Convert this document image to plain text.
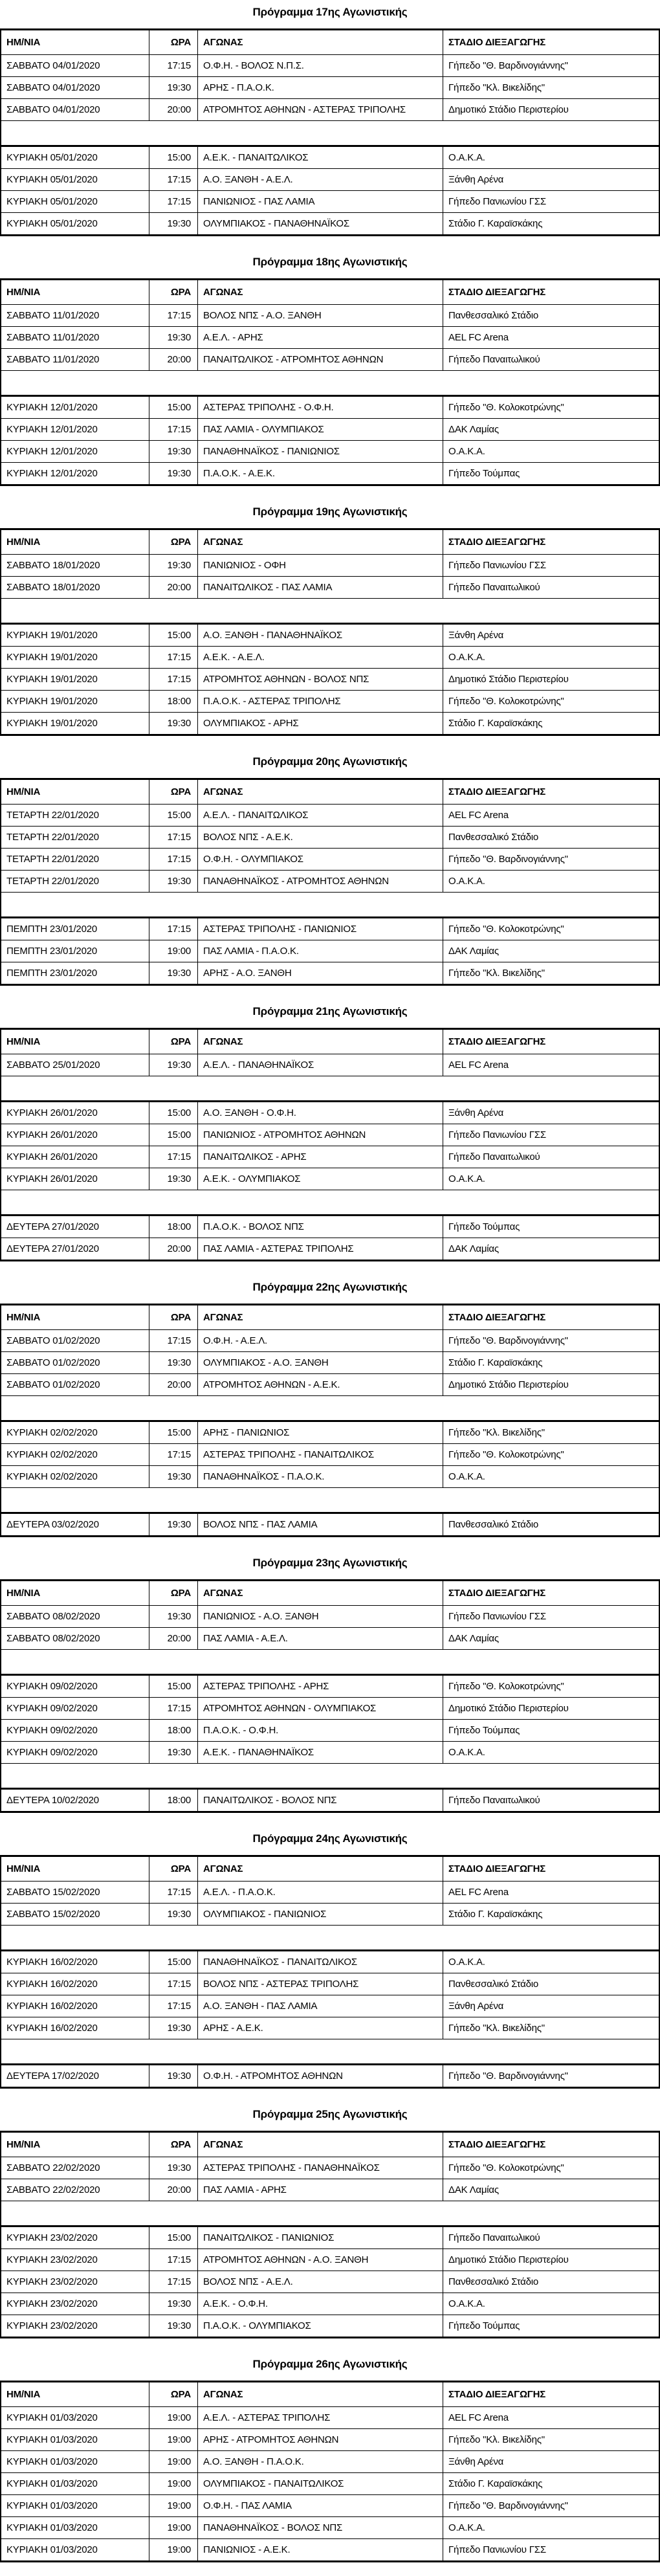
Πρόγραμμα 17ης Αγωνιστικής
ΗΜ/ΝΙΑ	ΩΡΑ	ΑΓΩΝΑΣ	ΣΤΑΔΙΟ ΔΙΕΞΑΓΩΓΗΣ
ΣΑΒΒΑΤΟ 04/01/2020	17:15	Ο.Φ.Η. - ΒΟΛΟΣ Ν.Π.Σ.	Γήπεδο "Θ. Βαρδινογιάννης"
ΣΑΒΒΑΤΟ 04/01/2020	19:30	ΑΡΗΣ - Π.Α.Ο.Κ.	Γήπεδο "Κλ. Βικελίδης"
ΣΑΒΒΑΤΟ 04/01/2020	20:00	ΑΤΡΟΜΗΤΟΣ ΑΘΗΝΩΝ - ΑΣΤΕΡΑΣ ΤΡΙΠΟΛΗΣ	Δημοτικό Στάδιο Περιστερίου
ΚΥΡΙΑΚΗ 05/01/2020	15:00	Α.Ε.Κ. - ΠΑΝΑΙΤΩΛΙΚΟΣ	Ο.Α.Κ.Α.
ΚΥΡΙΑΚΗ 05/01/2020	17:15	Α.Ο. ΞΑΝΘΗ - Α.Ε.Λ.	Ξάνθη Αρένα
ΚΥΡΙΑΚΗ 05/01/2020	17:15	ΠΑΝΙΩΝΙΟΣ - ΠΑΣ ΛΑΜΙΑ	Γήπεδο Πανιωνίου ΓΣΣ
ΚΥΡΙΑΚΗ 05/01/2020	19:30	ΟΛΥΜΠΙΑΚΟΣ - ΠΑΝΑΘΗΝΑΪΚΟΣ	Στάδιο Γ. Καραϊσκάκης
Πρόγραμμα 18ης Αγωνιστικής
ΗΜ/ΝΙΑ	ΩΡΑ	ΑΓΩΝΑΣ	ΣΤΑΔΙΟ ΔΙΕΞΑΓΩΓΗΣ
ΣΑΒΒΑΤΟ 11/01/2020	17:15	ΒΟΛΟΣ ΝΠΣ - Α.Ο. ΞΑΝΘΗ	Πανθεσσαλικό Στάδιο
ΣΑΒΒΑΤΟ 11/01/2020	19:30	Α.Ε.Λ. - ΑΡΗΣ	AEL FC Arena
ΣΑΒΒΑΤΟ 11/01/2020	20:00	ΠΑΝΑΙΤΩΛΙΚΟΣ - ΑΤΡΟΜΗΤΟΣ ΑΘΗΝΩΝ	Γήπεδο Παναιτωλικού
ΚΥΡΙΑΚΗ 12/01/2020	15:00	ΑΣΤΕΡΑΣ ΤΡΙΠΟΛΗΣ - Ο.Φ.Η.	Γήπεδο "Θ. Κολοκοτρώνης"
ΚΥΡΙΑΚΗ 12/01/2020	17:15	ΠΑΣ ΛΑΜΙΑ - ΟΛΥΜΠΙΑΚΟΣ	ΔΑΚ Λαμίας
ΚΥΡΙΑΚΗ 12/01/2020	19:30	ΠΑΝΑΘΗΝΑΪΚΟΣ - ΠΑΝΙΩΝΙΟΣ	Ο.Α.Κ.Α.
ΚΥΡΙΑΚΗ 12/01/2020	19:30	Π.Α.Ο.Κ. - Α.Ε.Κ.	Γήπεδο Τούμπας
Πρόγραμμα 19ης Αγωνιστικής
ΗΜ/ΝΙΑ	ΩΡΑ	ΑΓΩΝΑΣ	ΣΤΑΔΙΟ ΔΙΕΞΑΓΩΓΗΣ
ΣΑΒΒΑΤΟ 18/01/2020	19:30	ΠΑΝΙΩΝΙΟΣ - ΟΦΗ	Γήπεδο Πανιωνίου ΓΣΣ
ΣΑΒΒΑΤΟ 18/01/2020	20:00	ΠΑΝΑΙΤΩΛΙΚΟΣ - ΠΑΣ ΛΑΜΙΑ	Γήπεδο Παναιτωλικού
ΚΥΡΙΑΚΗ 19/01/2020	15:00	Α.Ο. ΞΑΝΘΗ - ΠΑΝΑΘΗΝΑΪΚΟΣ	Ξάνθη Αρένα
ΚΥΡΙΑΚΗ 19/01/2020	17:15	Α.Ε.Κ. - Α.Ε.Λ.	Ο.Α.Κ.Α.
ΚΥΡΙΑΚΗ 19/01/2020	17:15	ΑΤΡΟΜΗΤΟΣ ΑΘΗΝΩΝ - ΒΟΛΟΣ ΝΠΣ	Δημοτικό Στάδιο Περιστερίου
ΚΥΡΙΑΚΗ 19/01/2020	18:00	Π.Α.Ο.Κ. - ΑΣΤΕΡΑΣ ΤΡΙΠΟΛΗΣ	Γήπεδο "Θ. Κολοκοτρώνης"
ΚΥΡΙΑΚΗ 19/01/2020	19:30	ΟΛΥΜΠΙΑΚΟΣ - ΑΡΗΣ	Στάδιο Γ. Καραϊσκάκης
Πρόγραμμα 20ης Αγωνιστικής
ΗΜ/ΝΙΑ	ΩΡΑ	ΑΓΩΝΑΣ	ΣΤΑΔΙΟ ΔΙΕΞΑΓΩΓΗΣ
ΤΕΤΑΡΤΗ 22/01/2020	15:00	Α.Ε.Λ. - ΠΑΝΑΙΤΩΛΙΚΟΣ	AEL FC Arena
ΤΕΤΑΡΤΗ 22/01/2020	17:15	ΒΟΛΟΣ ΝΠΣ - Α.Ε.Κ.	Πανθεσσαλικό Στάδιο
ΤΕΤΑΡΤΗ 22/01/2020	17:15	Ο.Φ.Η. - ΟΛΥΜΠΙΑΚΟΣ	Γήπεδο "Θ. Βαρδινογιάννης"
ΤΕΤΑΡΤΗ 22/01/2020	19:30	ΠΑΝΑΘΗΝΑΪΚΟΣ - ΑΤΡΟΜΗΤΟΣ ΑΘΗΝΩΝ	Ο.Α.Κ.Α.
ΠΕΜΠΤΗ 23/01/2020	17:15	ΑΣΤΕΡΑΣ ΤΡΙΠΟΛΗΣ - ΠΑΝΙΩΝΙΟΣ	Γήπεδο "Θ. Κολοκοτρώνης"
ΠΕΜΠΤΗ 23/01/2020	19:00	ΠΑΣ ΛΑΜΙΑ - Π.Α.Ο.Κ.	ΔΑΚ Λαμίας
ΠΕΜΠΤΗ 23/01/2020	19:30	ΑΡΗΣ - Α.Ο. ΞΑΝΘΗ	Γήπεδο "Κλ. Βικελίδης"
Πρόγραμμα 21ης Αγωνιστικής
ΗΜ/ΝΙΑ	ΩΡΑ	ΑΓΩΝΑΣ	ΣΤΑΔΙΟ ΔΙΕΞΑΓΩΓΗΣ
ΣΑΒΒΑΤΟ 25/01/2020	19:30	Α.Ε.Λ. - ΠΑΝΑΘΗΝΑΪΚΟΣ	AEL FC Arena
ΚΥΡΙΑΚΗ 26/01/2020	15:00	Α.Ο. ΞΑΝΘΗ - Ο.Φ.Η.	Ξάνθη Αρένα
ΚΥΡΙΑΚΗ 26/01/2020	15:00	ΠΑΝΙΩΝΙΟΣ - ΑΤΡΟΜΗΤΟΣ ΑΘΗΝΩΝ	Γήπεδο Πανιωνίου ΓΣΣ
ΚΥΡΙΑΚΗ 26/01/2020	17:15	ΠΑΝΑΙΤΩΛΙΚΟΣ - ΑΡΗΣ	Γήπεδο Παναιτωλικού
ΚΥΡΙΑΚΗ 26/01/2020	19:30	Α.Ε.Κ. - ΟΛΥΜΠΙΑΚΟΣ	Ο.Α.Κ.Α.
ΔΕΥΤΕΡΑ 27/01/2020	18:00	Π.Α.Ο.Κ. - ΒΟΛΟΣ ΝΠΣ	Γήπεδο Τούμπας
ΔΕΥΤΕΡΑ 27/01/2020	20:00	ΠΑΣ ΛΑΜΙΑ - ΑΣΤΕΡΑΣ ΤΡΙΠΟΛΗΣ	ΔΑΚ Λαμίας
Πρόγραμμα 22ης Αγωνιστικής
ΗΜ/ΝΙΑ	ΩΡΑ	ΑΓΩΝΑΣ	ΣΤΑΔΙΟ ΔΙΕΞΑΓΩΓΗΣ
ΣΑΒΒΑΤΟ 01/02/2020	17:15	Ο.Φ.Η. - Α.Ε.Λ.	Γήπεδο "Θ. Βαρδινογιάννης"
ΣΑΒΒΑΤΟ 01/02/2020	19:30	ΟΛΥΜΠΙΑΚΟΣ - Α.Ο. ΞΑΝΘΗ	Στάδιο Γ. Καραϊσκάκης
ΣΑΒΒΑΤΟ 01/02/2020	20:00	ΑΤΡΟΜΗΤΟΣ ΑΘΗΝΩΝ - Α.Ε.Κ.	Δημοτικό Στάδιο Περιστερίου
ΚΥΡΙΑΚΗ 02/02/2020	15:00	ΑΡΗΣ - ΠΑΝΙΩΝΙΟΣ	Γήπεδο "Κλ. Βικελίδης"
ΚΥΡΙΑΚΗ 02/02/2020	17:15	ΑΣΤΕΡΑΣ ΤΡΙΠΟΛΗΣ - ΠΑΝΑΙΤΩΛΙΚΟΣ	Γήπεδο "Θ. Κολοκοτρώνης"
ΚΥΡΙΑΚΗ 02/02/2020	19:30	ΠΑΝΑΘΗΝΑΪΚΟΣ - Π.Α.Ο.Κ.	Ο.Α.Κ.Α.
ΔΕΥΤΕΡΑ 03/02/2020	19:30	ΒΟΛΟΣ ΝΠΣ - ΠΑΣ ΛΑΜΙΑ	Πανθεσσαλικό Στάδιο
Πρόγραμμα 23ης Αγωνιστικής
ΗΜ/ΝΙΑ	ΩΡΑ	ΑΓΩΝΑΣ	ΣΤΑΔΙΟ ΔΙΕΞΑΓΩΓΗΣ
ΣΑΒΒΑΤΟ 08/02/2020	19:30	ΠΑΝΙΩΝΙΟΣ - Α.Ο. ΞΑΝΘΗ	Γήπεδο Πανιωνίου ΓΣΣ
ΣΑΒΒΑΤΟ 08/02/2020	20:00	ΠΑΣ ΛΑΜΙΑ - Α.Ε.Λ.	ΔΑΚ Λαμίας
ΚΥΡΙΑΚΗ 09/02/2020	15:00	ΑΣΤΕΡΑΣ ΤΡΙΠΟΛΗΣ - ΑΡΗΣ	Γήπεδο "Θ. Κολοκοτρώνης"
ΚΥΡΙΑΚΗ 09/02/2020	17:15	ΑΤΡΟΜΗΤΟΣ ΑΘΗΝΩΝ - ΟΛΥΜΠΙΑΚΟΣ	Δημοτικό Στάδιο Περιστερίου
ΚΥΡΙΑΚΗ 09/02/2020	18:00	Π.Α.Ο.Κ. - Ο.Φ.Η.	Γήπεδο Τούμπας
ΚΥΡΙΑΚΗ 09/02/2020	19:30	Α.Ε.Κ. - ΠΑΝΑΘΗΝΑΪΚΟΣ	Ο.Α.Κ.Α.
ΔΕΥΤΕΡΑ 10/02/2020	18:00	ΠΑΝΑΙΤΩΛΙΚΟΣ - ΒΟΛΟΣ ΝΠΣ	Γήπεδο Παναιτωλικού
Πρόγραμμα 24ης Αγωνιστικής
ΗΜ/ΝΙΑ	ΩΡΑ	ΑΓΩΝΑΣ	ΣΤΑΔΙΟ ΔΙΕΞΑΓΩΓΗΣ
ΣΑΒΒΑΤΟ 15/02/2020	17:15	Α.Ε.Λ. - Π.Α.Ο.Κ.	AEL FC Arena
ΣΑΒΒΑΤΟ 15/02/2020	19:30	ΟΛΥΜΠΙΑΚΟΣ - ΠΑΝΙΩΝΙΟΣ	Στάδιο Γ. Καραϊσκάκης
ΚΥΡΙΑΚΗ 16/02/2020	15:00	ΠΑΝΑΘΗΝΑΪΚΟΣ - ΠΑΝΑΙΤΩΛΙΚΟΣ	Ο.Α.Κ.Α.
ΚΥΡΙΑΚΗ 16/02/2020	17:15	ΒΟΛΟΣ ΝΠΣ - ΑΣΤΕΡΑΣ ΤΡΙΠΟΛΗΣ	Πανθεσσαλικό Στάδιο
ΚΥΡΙΑΚΗ 16/02/2020	17:15	Α.Ο. ΞΑΝΘΗ - ΠΑΣ ΛΑΜΙΑ	Ξάνθη Αρένα
ΚΥΡΙΑΚΗ 16/02/2020	19:30	ΑΡΗΣ - Α.Ε.Κ.	Γήπεδο "Κλ. Βικελίδης"
ΔΕΥΤΕΡΑ 17/02/2020	19:30	Ο.Φ.Η. - ΑΤΡΟΜΗΤΟΣ ΑΘΗΝΩΝ	Γήπεδο "Θ. Βαρδινογιάννης"
Πρόγραμμα 25ης Αγωνιστικής
ΗΜ/ΝΙΑ	ΩΡΑ	ΑΓΩΝΑΣ	ΣΤΑΔΙΟ ΔΙΕΞΑΓΩΓΗΣ
ΣΑΒΒΑΤΟ 22/02/2020	19:30	ΑΣΤΕΡΑΣ ΤΡΙΠΟΛΗΣ - ΠΑΝΑΘΗΝΑΪΚΟΣ	Γήπεδο "Θ. Κολοκοτρώνης"
ΣΑΒΒΑΤΟ 22/02/2020	20:00	ΠΑΣ ΛΑΜΙΑ - ΑΡΗΣ	ΔΑΚ Λαμίας
ΚΥΡΙΑΚΗ 23/02/2020	15:00	ΠΑΝΑΙΤΩΛΙΚΟΣ - ΠΑΝΙΩΝΙΟΣ	Γήπεδο Παναιτωλικού
ΚΥΡΙΑΚΗ 23/02/2020	17:15	ΑΤΡΟΜΗΤΟΣ ΑΘΗΝΩΝ - Α.Ο. ΞΑΝΘΗ	Δημοτικό Στάδιο Περιστερίου
ΚΥΡΙΑΚΗ 23/02/2020	17:15	ΒΟΛΟΣ ΝΠΣ - Α.Ε.Λ.	Πανθεσσαλικό Στάδιο
ΚΥΡΙΑΚΗ 23/02/2020	19:30	Α.Ε.Κ. - Ο.Φ.Η.	Ο.Α.Κ.Α.
ΚΥΡΙΑΚΗ 23/02/2020	19:30	Π.Α.Ο.Κ. - ΟΛΥΜΠΙΑΚΟΣ	Γήπεδο Τούμπας
Πρόγραμμα 26ης Αγωνιστικής
ΗΜ/ΝΙΑ	ΩΡΑ	ΑΓΩΝΑΣ	ΣΤΑΔΙΟ ΔΙΕΞΑΓΩΓΗΣ
ΚΥΡΙΑΚΗ 01/03/2020	19:00	Α.Ε.Λ. - ΑΣΤΕΡΑΣ ΤΡΙΠΟΛΗΣ	AEL FC Arena
ΚΥΡΙΑΚΗ 01/03/2020	19:00	ΑΡΗΣ - ΑΤΡΟΜΗΤΟΣ ΑΘΗΝΩΝ	Γήπεδο "Κλ. Βικελίδης"
ΚΥΡΙΑΚΗ 01/03/2020	19:00	Α.Ο. ΞΑΝΘΗ - Π.Α.Ο.Κ.	Ξάνθη Αρένα
ΚΥΡΙΑΚΗ 01/03/2020	19:00	ΟΛΥΜΠΙΑΚΟΣ - ΠΑΝΑΙΤΩΛΙΚΟΣ	Στάδιο Γ. Καραϊσκάκης
ΚΥΡΙΑΚΗ 01/03/2020	19:00	Ο.Φ.Η. - ΠΑΣ ΛΑΜΙΑ	Γήπεδο "Θ. Βαρδινογιάννης"
ΚΥΡΙΑΚΗ 01/03/2020	19:00	ΠΑΝΑΘΗΝΑΪΚΟΣ - ΒΟΛΟΣ ΝΠΣ	Ο.Α.Κ.Α.
ΚΥΡΙΑΚΗ 01/03/2020	19:00	ΠΑΝΙΩΝΙΟΣ - Α.Ε.Κ.	Γήπεδο Πανιωνίου ΓΣΣ
